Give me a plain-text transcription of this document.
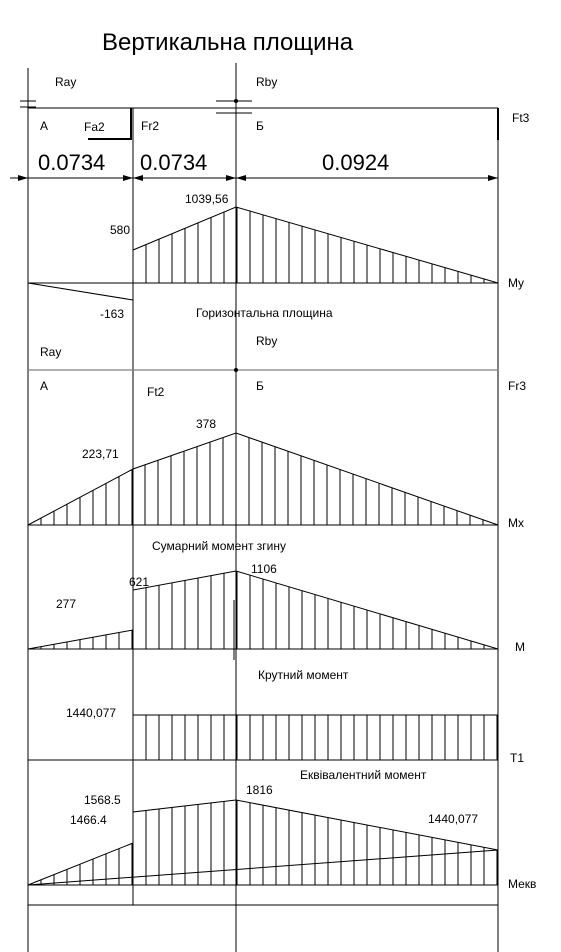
Вертикальна площина
Ray	Rby
А	Fa2	Fr2	Б
Ft3
0.0734 0.0734	0.0924
1039,56
580
-163
My
Горизонтальна площина
Ray
Rby
А	Ft2	Б	Fr3
378
223,71
Mx
Сумарний момент згину
277
621
1106
M
Крутний момент
1440,077
T1
Еквівалентний момент
1568.5
1466.4
1816
1440,077
Мекв
